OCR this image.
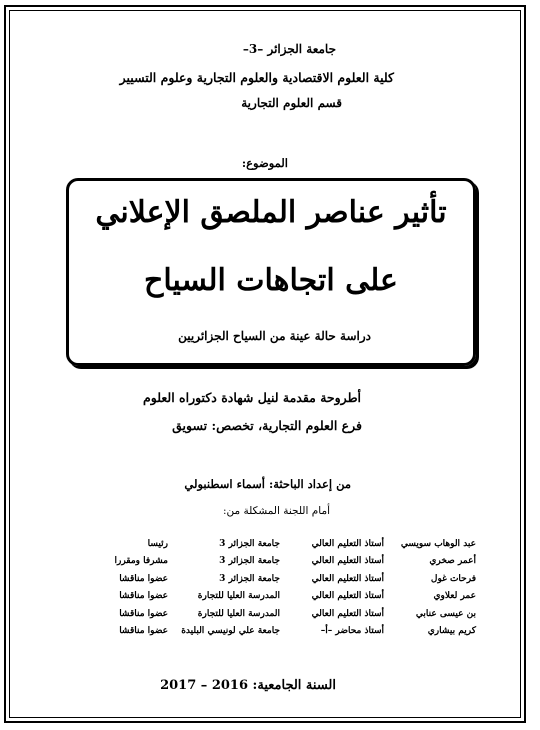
جامعة الجزائر –3–
كلية العلوم الاقتصادية والعلوم التجارية وعلوم التسيير
قسم العلوم التجارية
الموضوع:
تأثير عناصر الملصق الإعلاني
على اتجاهات السياح
دراسة حالة عينة من السياح الجزائريين
أطروحة مقدمة لنيل شهادة دكتوراه العلوم
فرع العلوم التجارية، تخصص: تسويق
من إعداد الباحثة: أسماء اسطنبولي
أمام اللجنة المشكلة من:
عبد الوهاب سويسي	أستاذ التعليم العالي	جامعة الجزائر 3	رئيسا
أعمر صخري	أستاذ التعليم العالي	جامعة الجزائر 3	مشرفا ومقررا
فرحات غول	أستاذ التعليم العالي	جامعة الجزائر 3	عضوا مناقشا
عمر لعلاوي	أستاذ التعليم العالي	المدرسة العليا للتجارة	عضوا مناقشا
بن عيسى عنابي	أستاذ التعليم العالي	المدرسة العليا للتجارة	عضوا مناقشا
كريم بيشاري	أستاذ محاضر –أ–	جامعة علي لونيسي البليدة	عضوا مناقشا
السنة الجامعية: 2016 – 2017
